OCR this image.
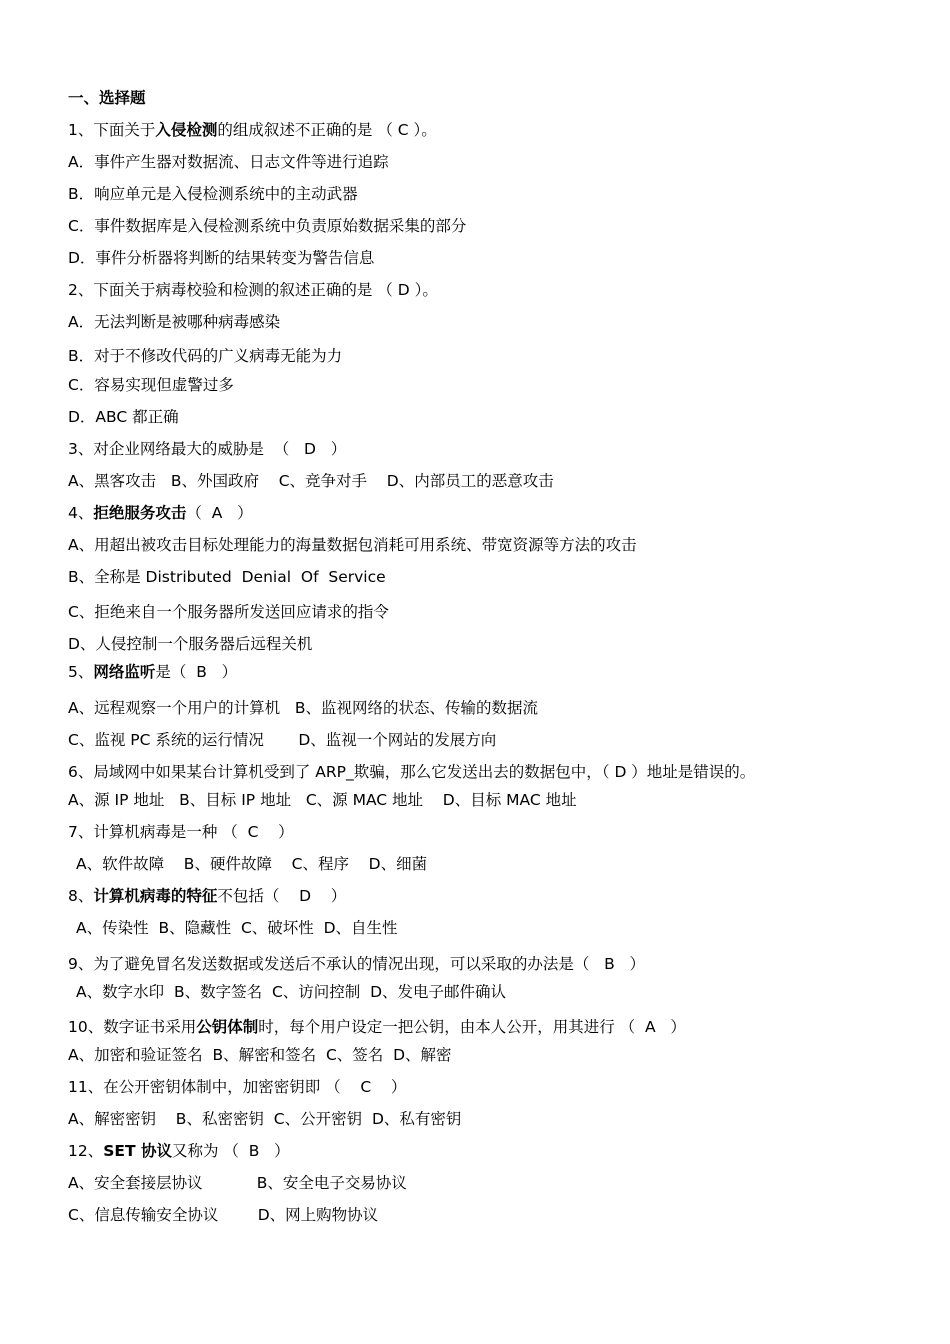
一、选择题
1、下面关于入侵检测的组成叙述不正确的是 （ C ）。
A．事件产生器对数据流、日志文件等进行追踪
B．响应单元是入侵检测系统中的主动武器
C．事件数据库是入侵检测系统中负责原始数据采集的部分
D．事件分析器将判断的结果转变为警告信息
2、下面关于病毒校验和检测的叙述正确的是 （ D ）。
A．无法判断是被哪种病毒感染
B．对于不修改代码的广义病毒无能为力
C．容易实现但虚警过多
D．ABC 都正确
3、对企业网络最大的威胁是  （   D   ）
A、黑客攻击   B、外国政府    C、竞争对手    D、内部员工的恶意攻击
4、拒绝服务攻击（  A   ）
A、用超出被攻击目标处理能力的海量数据包消耗可用系统、带宽资源等方法的攻击
B、全称是 Distributed  Denial  Of  Service
C、拒绝来自一个服务器所发送回应请求的指令
D、人侵控制一个服务器后远程关机
5、网络监听是（  B   ）
A、远程观察一个用户的计算机   B、监视网络的状态、传输的数据流
C、监视 PC 系统的运行情况       D、监视一个网站的发展方向
6、局域网中如果某台计算机受到了 ARP_欺骗，那么它发送出去的数据包中，（ D ）地址是错误的。
A、源 IP 地址   B、目标 IP 地址   C、源 MAC 地址    D、目标 MAC 地址
7、计算机病毒是一种 （  C    ）
A、软件故障    B、硬件故障    C、程序    D、细菌
8、计算机病毒的特征不包括（    D    ）
A、传染性  B、隐藏性  C、破坏性  D、自生性
9、为了避免冒名发送数据或发送后不承认的情况出现，可以采取的办法是（   B   ）
A、数字水印  B、数字签名  C、访问控制  D、发电子邮件确认
10、数字证书采用公钥体制时，每个用户设定一把公钥，由本人公开，用其进行 （  A   ）
A、加密和验证签名  B、解密和签名  C、签名  D、解密
11、在公开密钥体制中，加密密钥即 （    C    ）
A、解密密钥    B、私密密钥  C、公开密钥  D、私有密钥
12、SET 协议又称为 （  B   ）
A、安全套接层协议           B、安全电子交易协议
C、信息传输安全协议        D、网上购物协议
